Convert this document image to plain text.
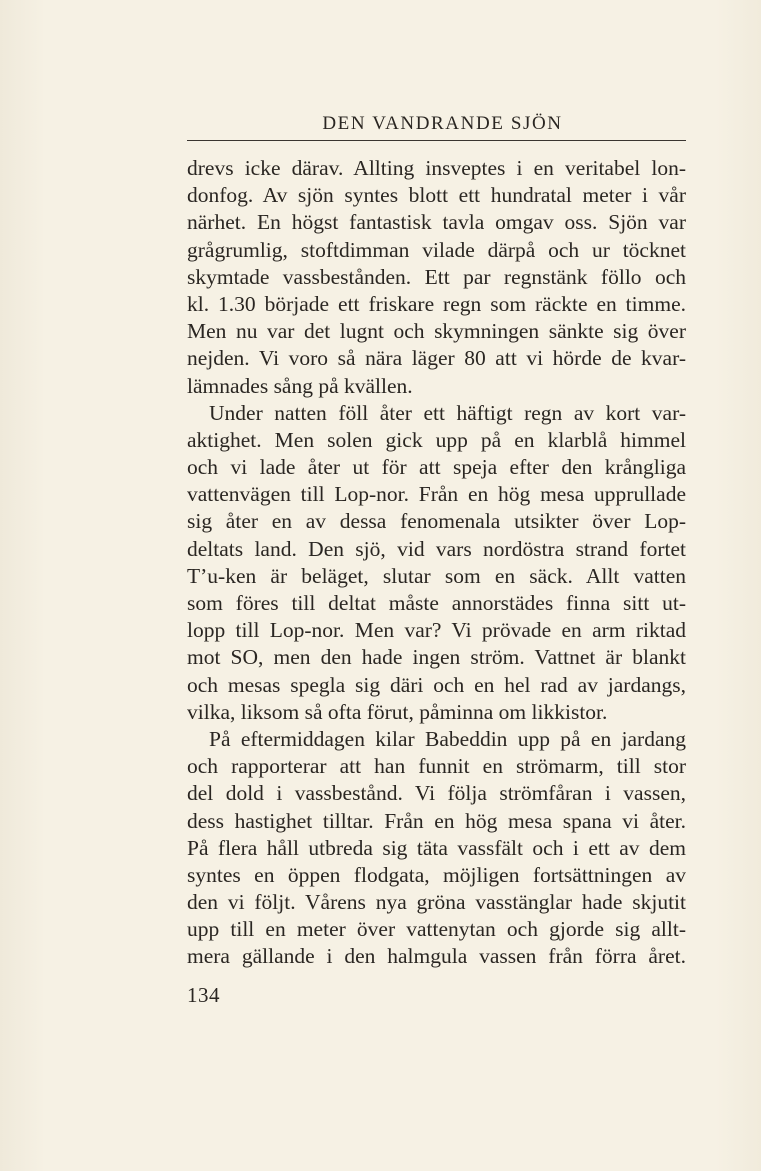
DEN VANDRANDE SJÖN
drevs icke därav. Allting insveptes i en veritabel lon-
donfog. Av sjön syntes blott ett hundratal meter i vår
närhet. En högst fantastisk tavla omgav oss. Sjön var
grågrumlig, stoftdimman vilade därpå och ur töcknet
skymtade vassbestånden. Ett par regnstänk föllo och
kl. 1.30 började ett friskare regn som räckte en timme.
Men nu var det lugnt och skymningen sänkte sig över
nejden. Vi voro så nära läger 80 att vi hörde de kvar-
lämnades sång på kvällen.
Under natten föll åter ett häftigt regn av kort var-
aktighet. Men solen gick upp på en klarblå himmel
och vi lade åter ut för att speja efter den krångliga
vattenvägen till Lop-nor. Från en hög mesa upprullade
sig åter en av dessa fenomenala utsikter över Lop-
deltats land. Den sjö, vid vars nordöstra strand fortet
T’u-ken är beläget, slutar som en säck. Allt vatten
som föres till deltat måste annorstädes finna sitt ut-
lopp till Lop-nor. Men var? Vi prövade en arm riktad
mot SO, men den hade ingen ström. Vattnet är blankt
och mesas spegla sig däri och en hel rad av jardangs,
vilka, liksom så ofta förut, påminna om likkistor.
På eftermiddagen kilar Babeddin upp på en jardang
och rapporterar att han funnit en strömarm, till stor
del dold i vassbestånd. Vi följa strömfåran i vassen,
dess hastighet tilltar. Från en hög mesa spana vi åter.
På flera håll utbreda sig täta vassfält och i ett av dem
syntes en öppen flodgata, möjligen fortsättningen av
den vi följt. Vårens nya gröna vasstänglar hade skjutit
upp till en meter över vattenytan och gjorde sig allt-
mera gällande i den halmgula vassen från förra året.
134
